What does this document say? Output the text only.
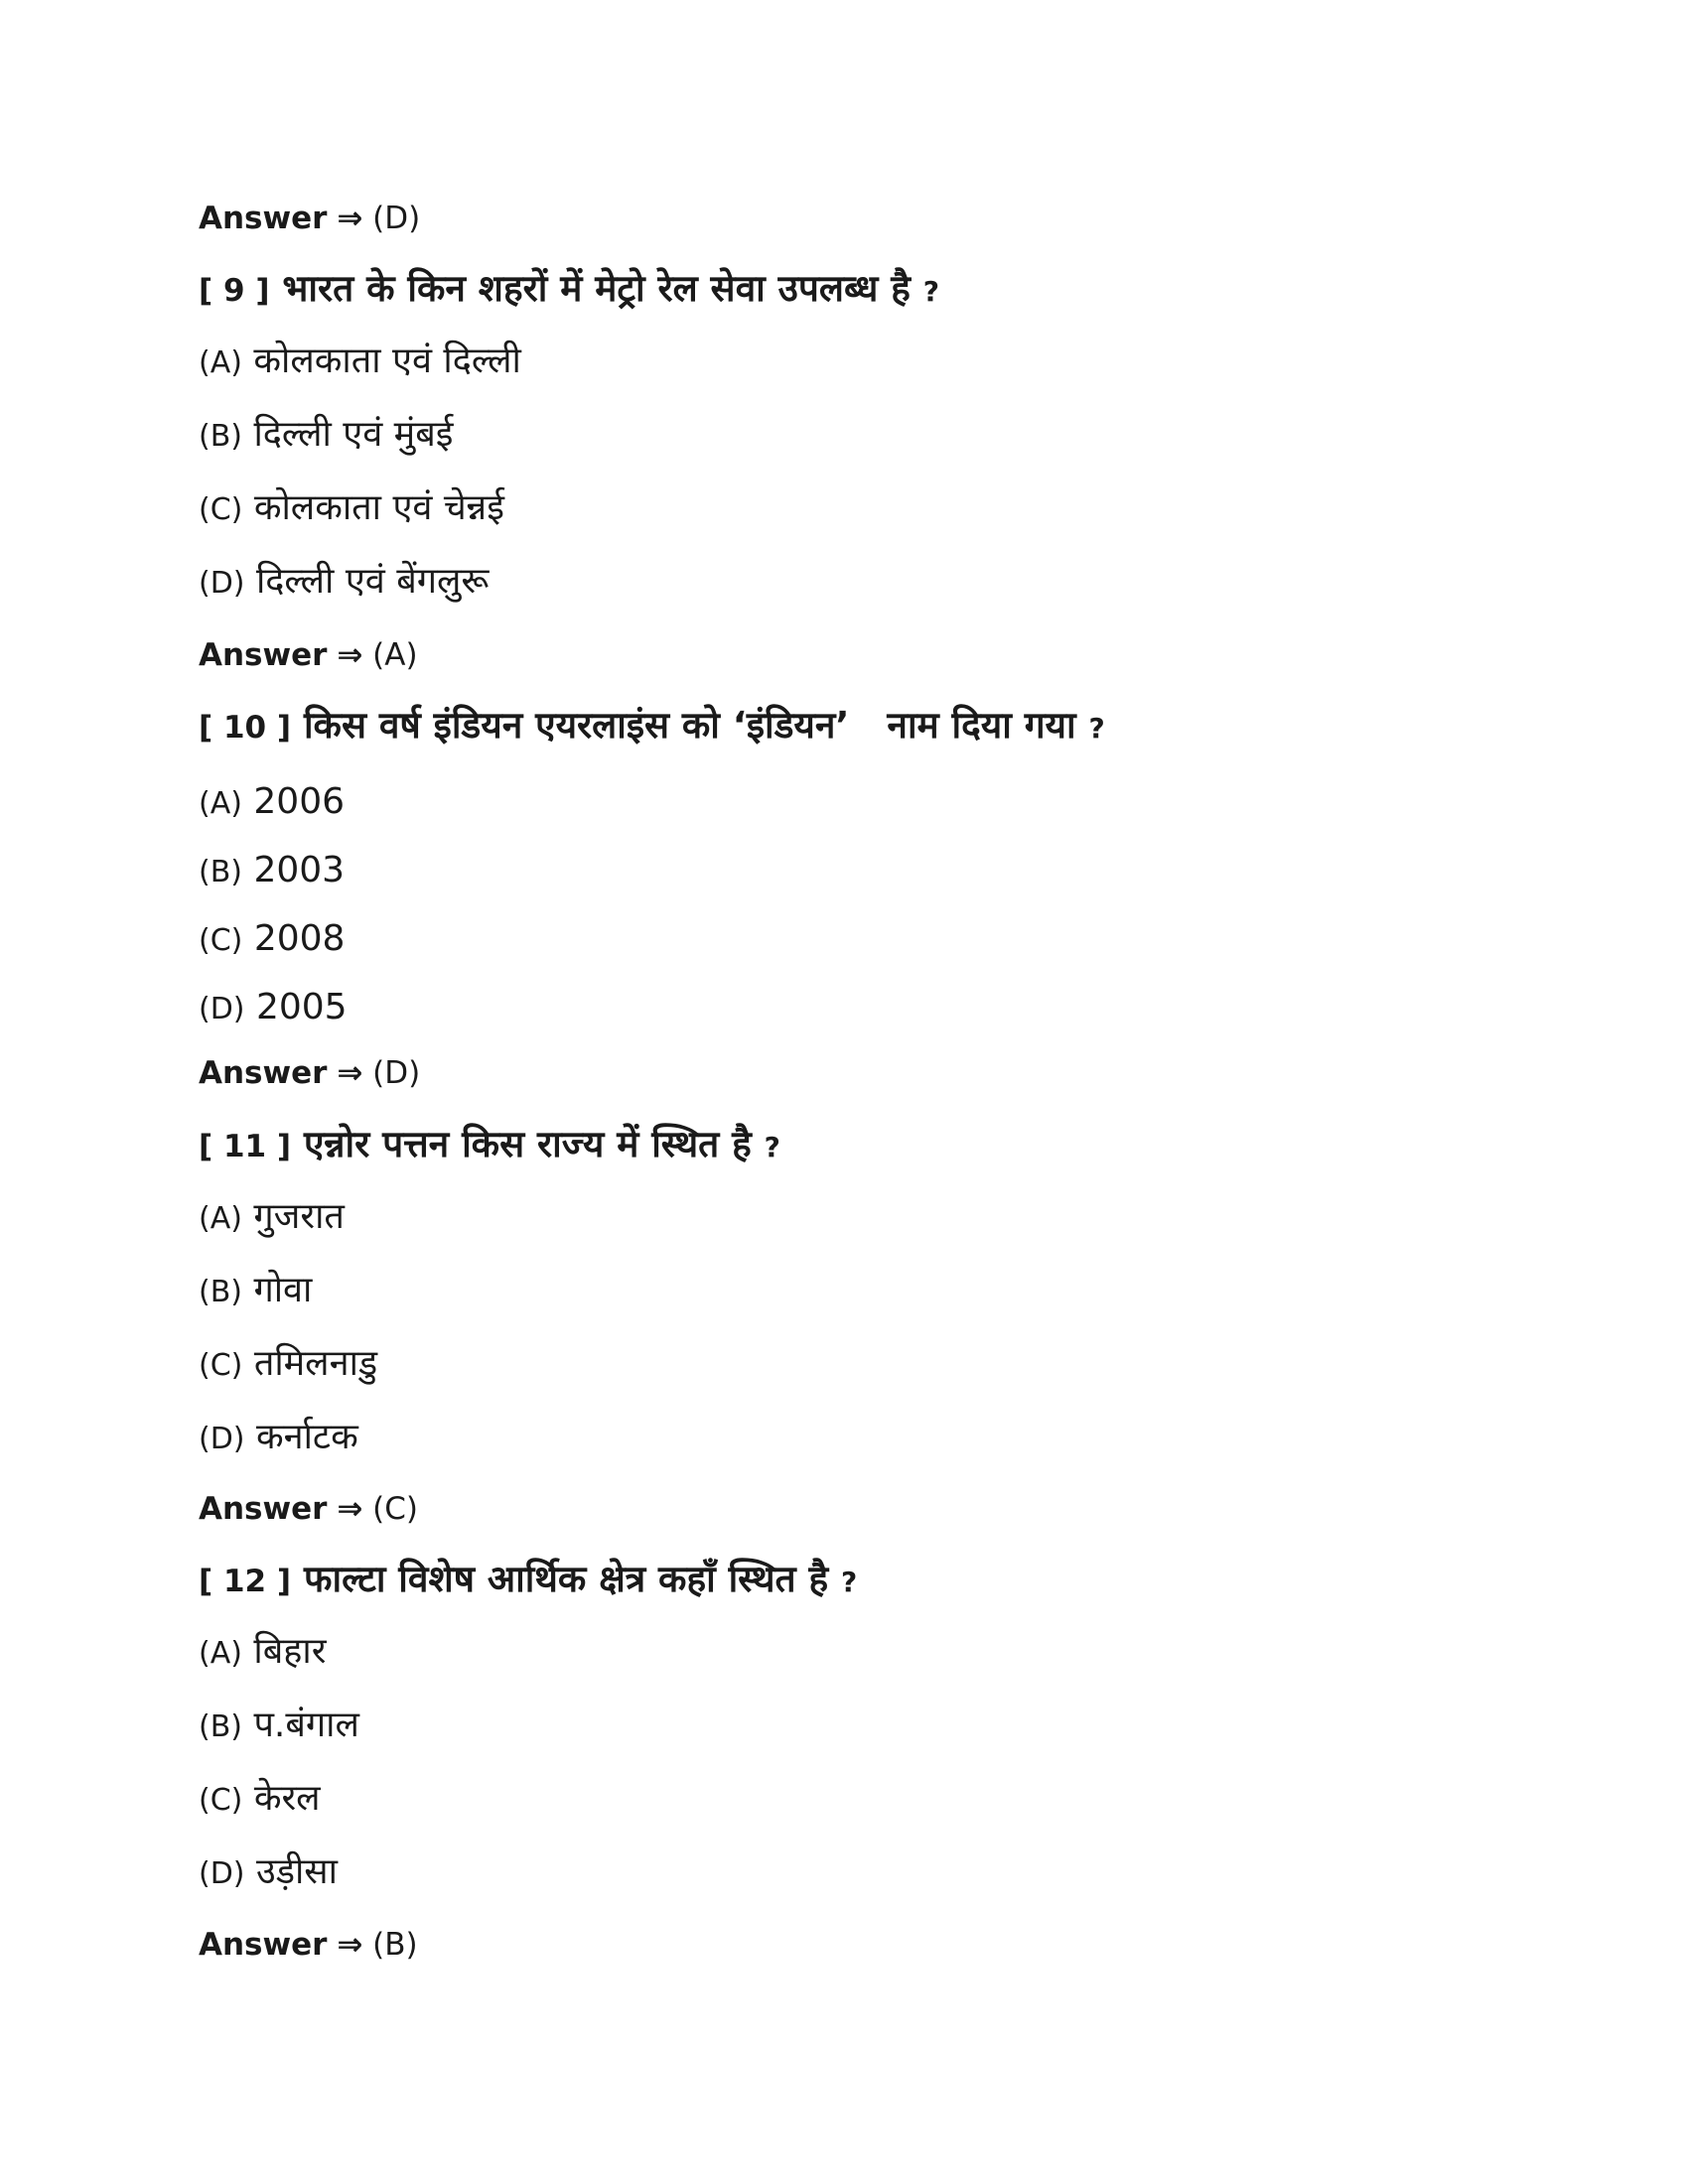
Answer ⇒ (D)
[ 9 ] भारत के किन शहरों में मेट्रो रेल सेवा उपलब्ध है ?
(A) कोलकाता एवं दिल्ली
(B) दिल्ली एवं मुंबई
(C) कोलकाता एवं चेन्नई
(D) दिल्ली एवं बेंगलुरू
Answer ⇒ (A)
[ 10 ] किस वर्ष इंडियन एयरलाइंस को ‘इंडियन’ नाम दिया गया ?
(A) 2006
(B) 2003
(C) 2008
(D) 2005
Answer ⇒ (D)
[ 11 ] एन्नोर पत्तन किस राज्य में स्थित है ?
(A) गुजरात
(B) गोवा
(C) तमिलनाडु
(D) कर्नाटक
Answer ⇒ (C)
[ 12 ] फाल्टा विशेष आर्थिक क्षेत्र कहाँ स्थित है ?
(A) बिहार
(B) प.बंगाल
(C) केरल
(D) उड़ीसा
Answer ⇒ (B)
